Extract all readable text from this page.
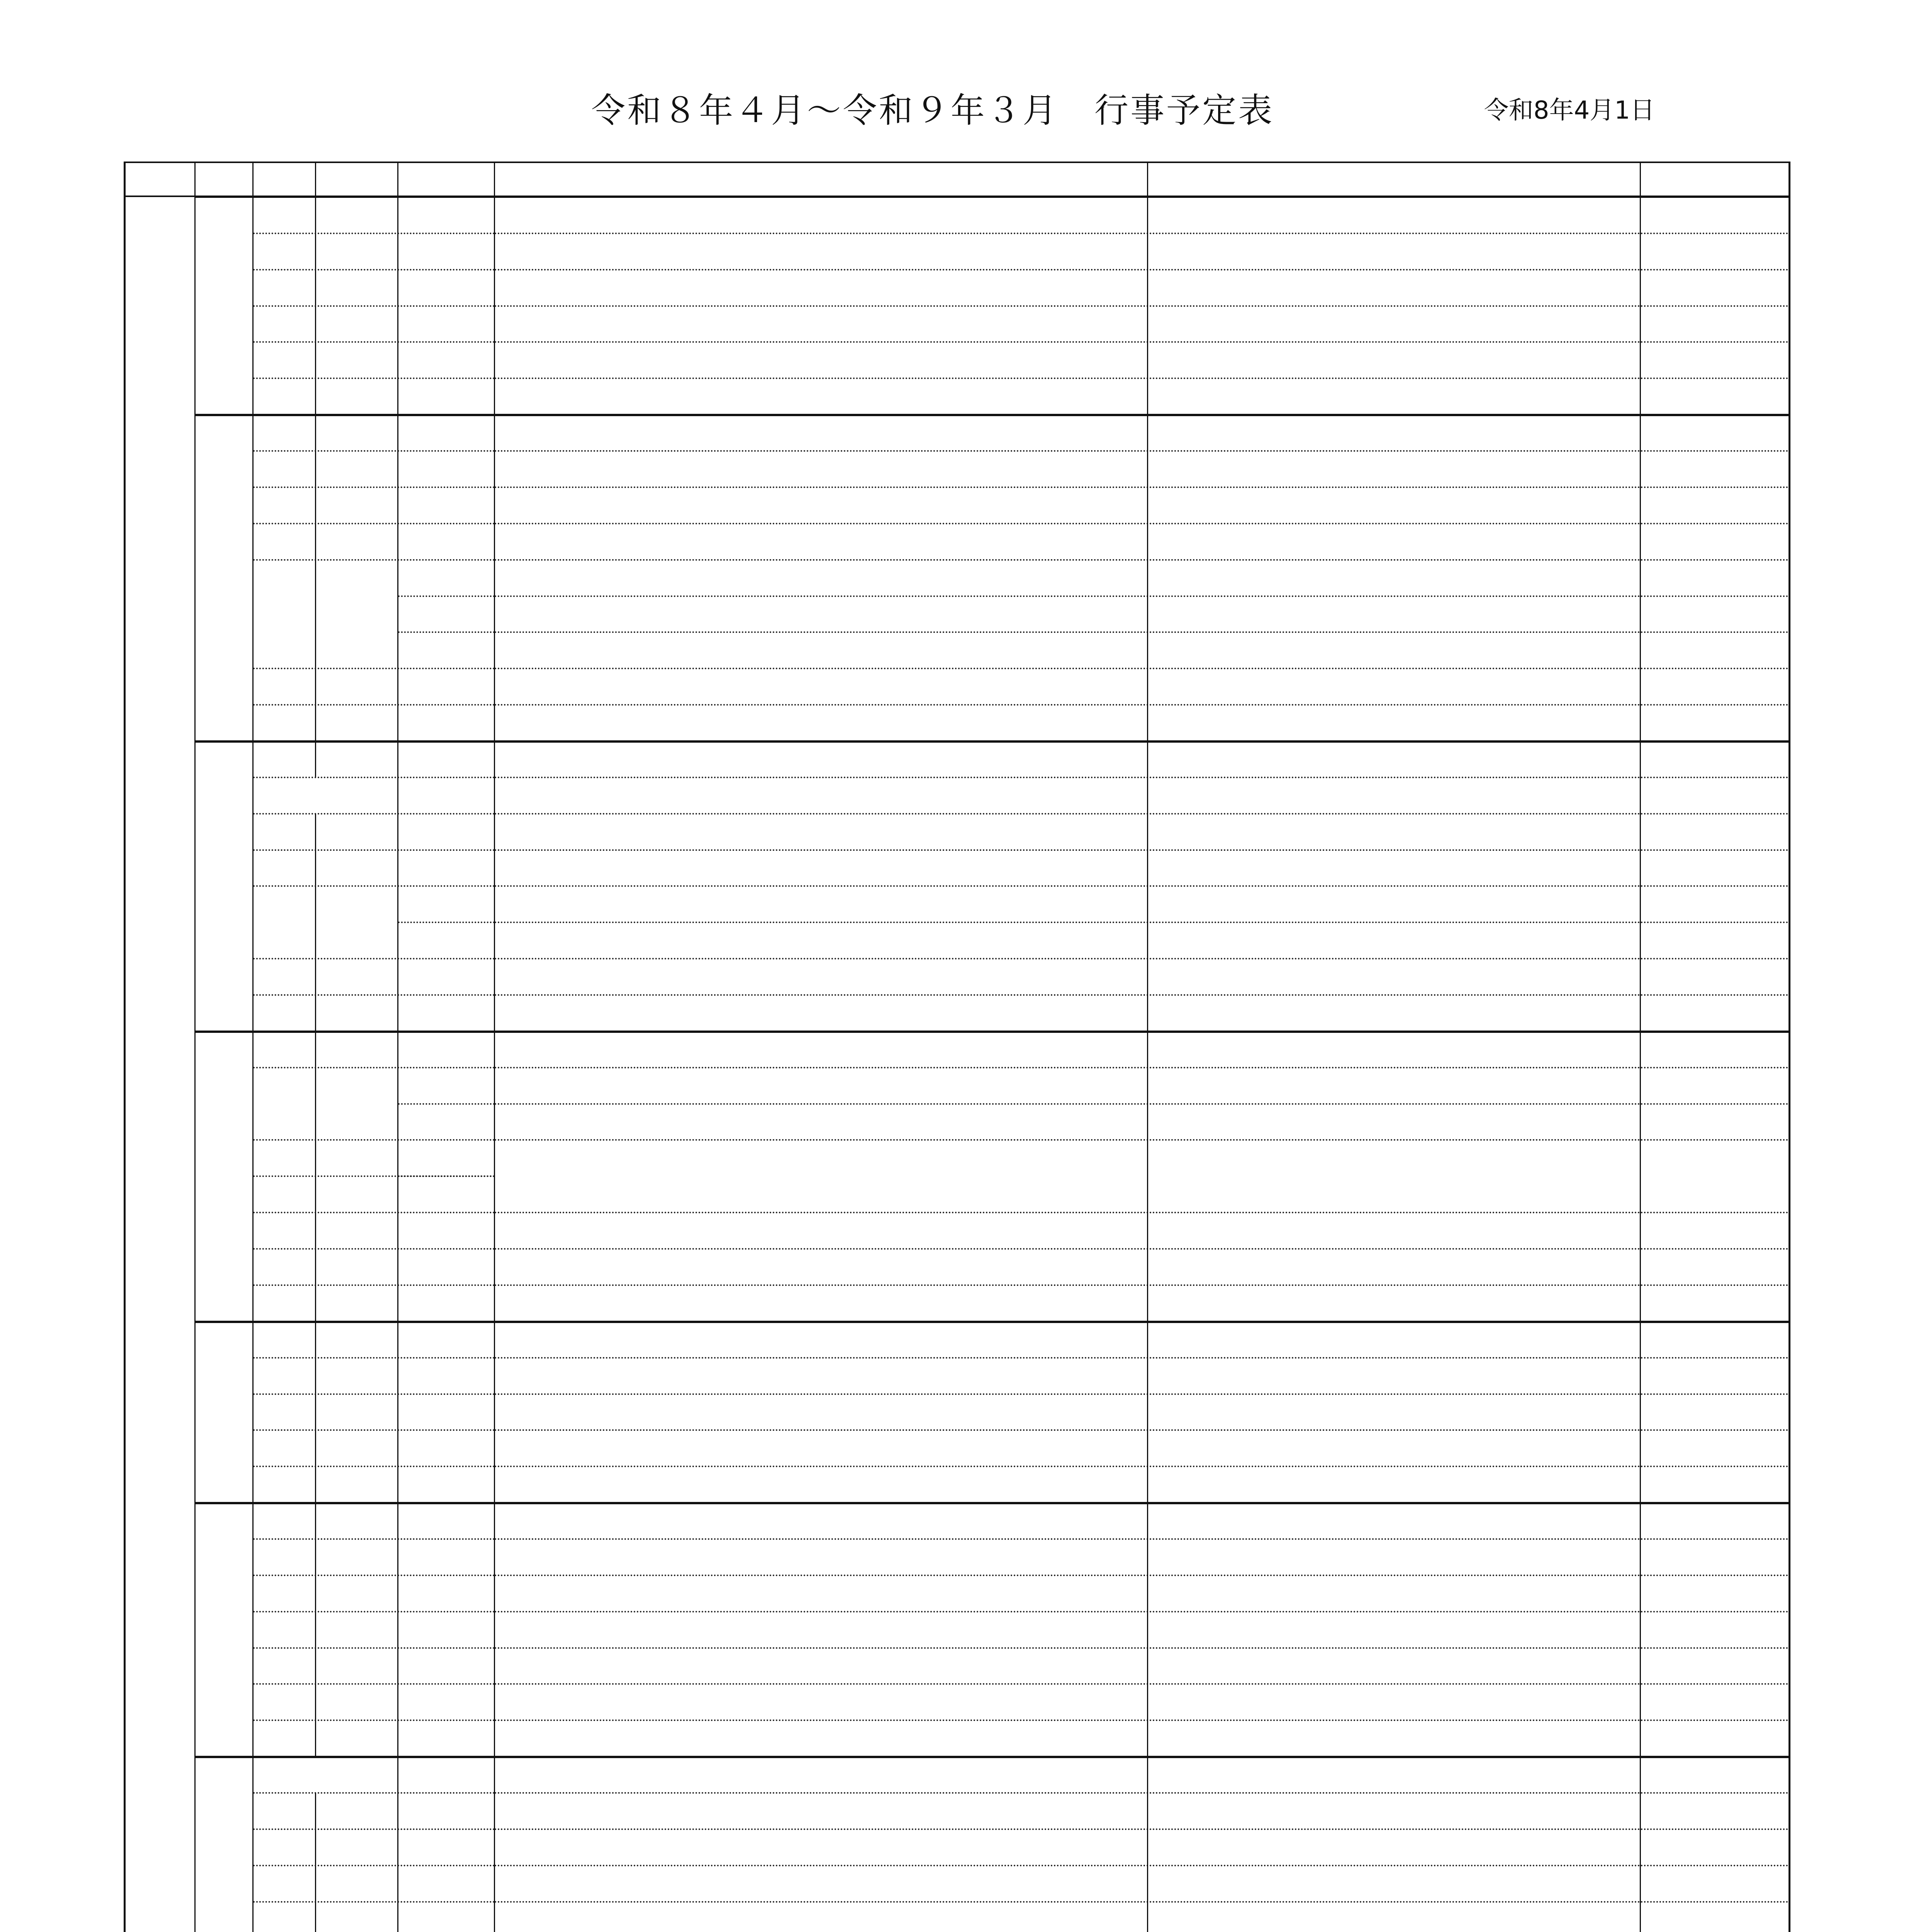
令和８年４月～令和９年３月　行事予定表	令和8年4月1日
